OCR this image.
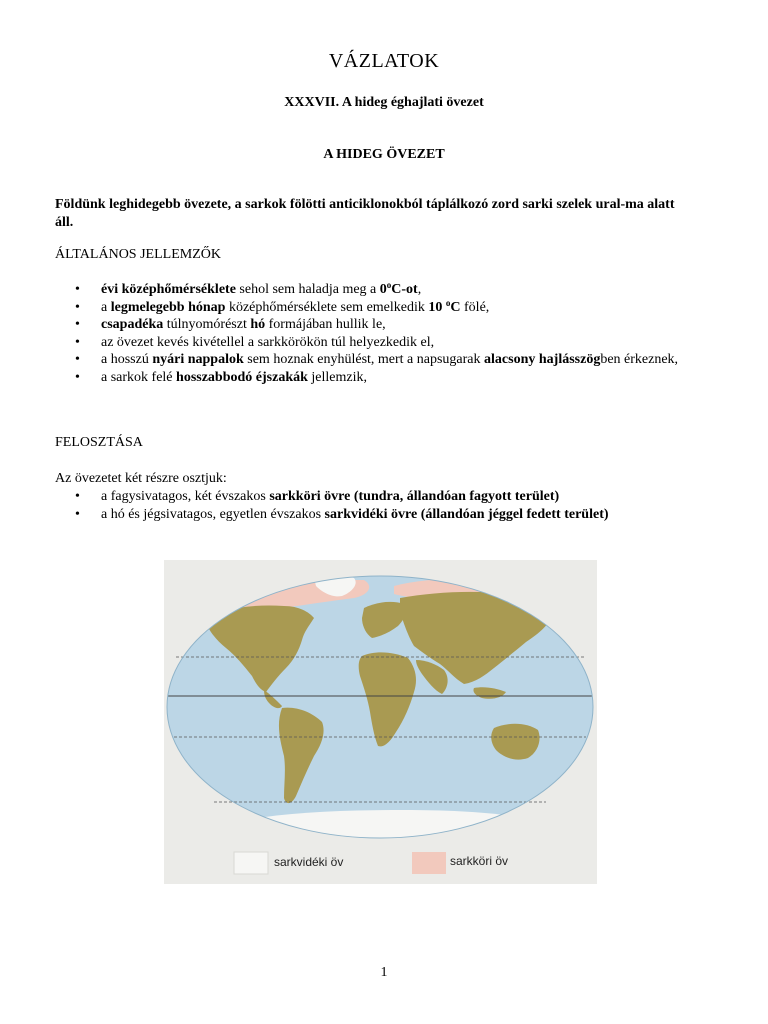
VÁZLATOK
XXXVII. A hideg éghajlati övezet
A HIDEG ÖVEZET
Földünk leghidegebb övezete, a sarkok fölötti anticiklonokból táplálkozó zord sarki szelek ural-ma alatt áll.
ÁLTALÁNOS JELLEMZŐK
• évi középhőmérséklete sehol sem haladja meg a 0$^o$C-ot,
• a legmelegebb hónap középhőmérséklete sem emelkedik 10 $^o$C fölé,
• csapadéka túlnyomórészt hó formájában hullik le,
• az övezet kevés kivétellel a sarkkörökön túl helyezkedik el,
• a hosszú nyári nappalok sem hoznak enyhülést, mert a napsugarak alacsony hajlásszögben érkeznek,
• a sarkok felé hosszabbodó éjszakák jellemzik,
FELOSZTÁSA
Az övezetet két részre osztjuk:
• a fagysivatagos, két évszakos sarkköri övre (tundra, állandóan fagyott terület)
• a hó és jégsivatagos, egyetlen évszakos sarkvidéki övre (állandóan jéggel fedett terület)
sarkvidéki öv	sarkköri öv
1
